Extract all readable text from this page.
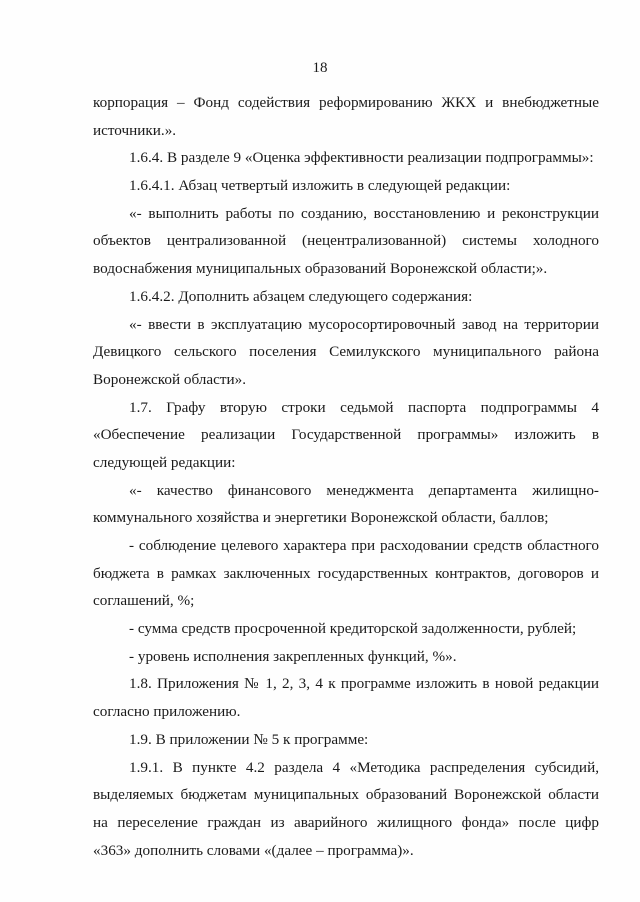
18
корпорация – Фонд содействия реформированию ЖКХ и внебюджетные
источники.».
1.6.4. В разделе 9 «Оценка эффективности реализации подпрограммы»:
1.6.4.1. Абзац четвертый изложить в следующей редакции:
«- выполнить работы по созданию, восстановлению и реконструкции
объектов централизованной (нецентрализованной) системы холодного
водоснабжения муниципальных образований Воронежской области;».
1.6.4.2. Дополнить абзацем следующего содержания:
«- ввести в эксплуатацию мусоросортировочный завод на территории
Девицкого сельского поселения Семилукского муниципального района
Воронежской области».
1.7. Графу вторую строки седьмой паспорта подпрограммы 4
«Обеспечение реализации Государственной программы» изложить в
следующей редакции:
«- качество финансового менеджмента департамента жилищно-
коммунального хозяйства и энергетики Воронежской области, баллов;
- соблюдение целевого характера при расходовании средств областного
бюджета в рамках заключенных государственных контрактов, договоров и
соглашений, %;
- сумма средств просроченной кредиторской задолженности, рублей;
- уровень исполнения закрепленных функций, %».
1.8. Приложения № 1, 2, 3, 4 к программе изложить в новой редакции
согласно приложению.
1.9. В приложении № 5 к программе:
1.9.1. В пункте 4.2 раздела 4 «Методика распределения субсидий,
выделяемых бюджетам муниципальных образований Воронежской области
на переселение граждан из аварийного жилищного фонда» после цифр
«363» дополнить словами «(далее – программа)».
